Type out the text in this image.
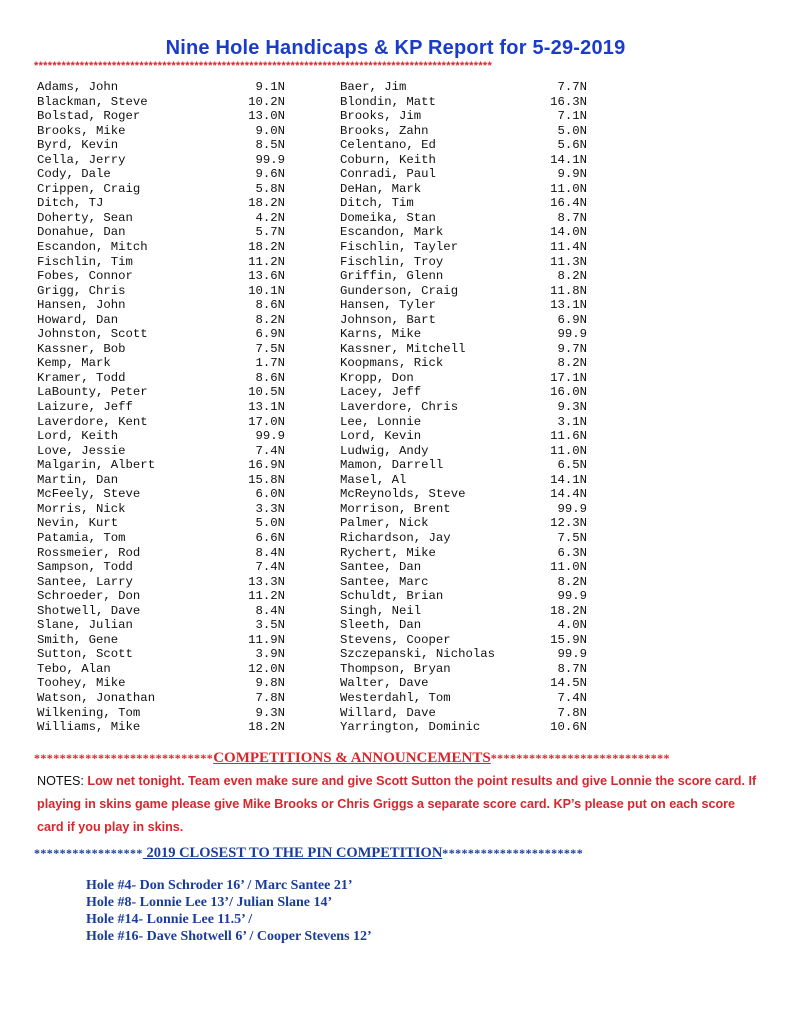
Nine Hole Handicaps & KP Report for 5-29-2019
****************************************************************************************************
Adams, John	9.1N	Baer, Jim	7.7N
Blackman, Steve	10.2N	Blondin, Matt	16.3N
Bolstad, Roger	13.0N	Brooks, Jim	7.1N
Brooks, Mike	9.0N	Brooks, Zahn	5.0N
Byrd, Kevin	8.5N	Celentano, Ed	5.6N
Cella, Jerry	99.9	Coburn, Keith	14.1N
Cody, Dale	9.6N	Conradi, Paul	9.9N
Crippen, Craig	5.8N	DeHan, Mark	11.0N
Ditch, TJ	18.2N	Ditch, Tim	16.4N
Doherty, Sean	4.2N	Domeika, Stan	8.7N
Donahue, Dan	5.7N	Escandon, Mark	14.0N
Escandon, Mitch	18.2N	Fischlin, Tayler	11.4N
Fischlin, Tim	11.2N	Fischlin, Troy	11.3N
Fobes, Connor	13.6N	Griffin, Glenn	8.2N
Grigg, Chris	10.1N	Gunderson, Craig	11.8N
Hansen, John	8.6N	Hansen, Tyler	13.1N
Howard, Dan	8.2N	Johnson, Bart	6.9N
Johnston, Scott	6.9N	Karns, Mike	99.9
Kassner, Bob	7.5N	Kassner, Mitchell	9.7N
Kemp, Mark	1.7N	Koopmans, Rick	8.2N
Kramer, Todd	8.6N	Kropp, Don	17.1N
LaBounty, Peter	10.5N	Lacey, Jeff	16.0N
Laizure, Jeff	13.1N	Laverdore, Chris	9.3N
Laverdore, Kent	17.0N	Lee, Lonnie	3.1N
Lord, Keith	99.9	Lord, Kevin	11.6N
Love, Jessie	7.4N	Ludwig, Andy	11.0N
Malgarin, Albert	16.9N	Mamon, Darrell	6.5N
Martin, Dan	15.8N	Masel, Al	14.1N
McFeely, Steve	6.0N	McReynolds, Steve	14.4N
Morris, Nick	3.3N	Morrison, Brent	99.9
Nevin, Kurt	5.0N	Palmer, Nick	12.3N
Patamia, Tom	6.6N	Richardson, Jay	7.5N
Rossmeier, Rod	8.4N	Rychert, Mike	6.3N
Sampson, Todd	7.4N	Santee, Dan	11.0N
Santee, Larry	13.3N	Santee, Marc	8.2N
Schroeder, Don	11.2N	Schuldt, Brian	99.9
Shotwell, Dave	8.4N	Singh, Neil	18.2N
Slane, Julian	3.5N	Sleeth, Dan	4.0N
Smith, Gene	11.9N	Stevens, Cooper	15.9N
Sutton, Scott	3.9N	Szczepanski, Nicholas	99.9
Tebo, Alan	12.0N	Thompson, Bryan	8.7N
Toohey, Mike	9.8N	Walter, Dave	14.5N
Watson, Jonathan	7.8N	Westerdahl, Tom	7.4N
Wilkening, Tom	9.3N	Willard, Dave	7.8N
Williams, Mike	18.2N	Yarrington, Dominic	10.6N
****************************COMPETITIONS & ANNOUNCEMENTS****************************
NOTES: Low net tonight. Team even make sure and give Scott Sutton the point results and give Lonnie the score card. If playing in skins game please give Mike Brooks or Chris Griggs a separate score card. KP’s please put on each score card if you play in skins.
***************** 2019 CLOSEST TO THE PIN COMPETITION**********************
Hole #4- Don Schroder 16’ / Marc Santee 21’
Hole #8- Lonnie Lee 13’/ Julian Slane 14’
Hole #14- Lonnie Lee 11.5’ /
Hole #16- Dave Shotwell 6’ / Cooper Stevens 12’
